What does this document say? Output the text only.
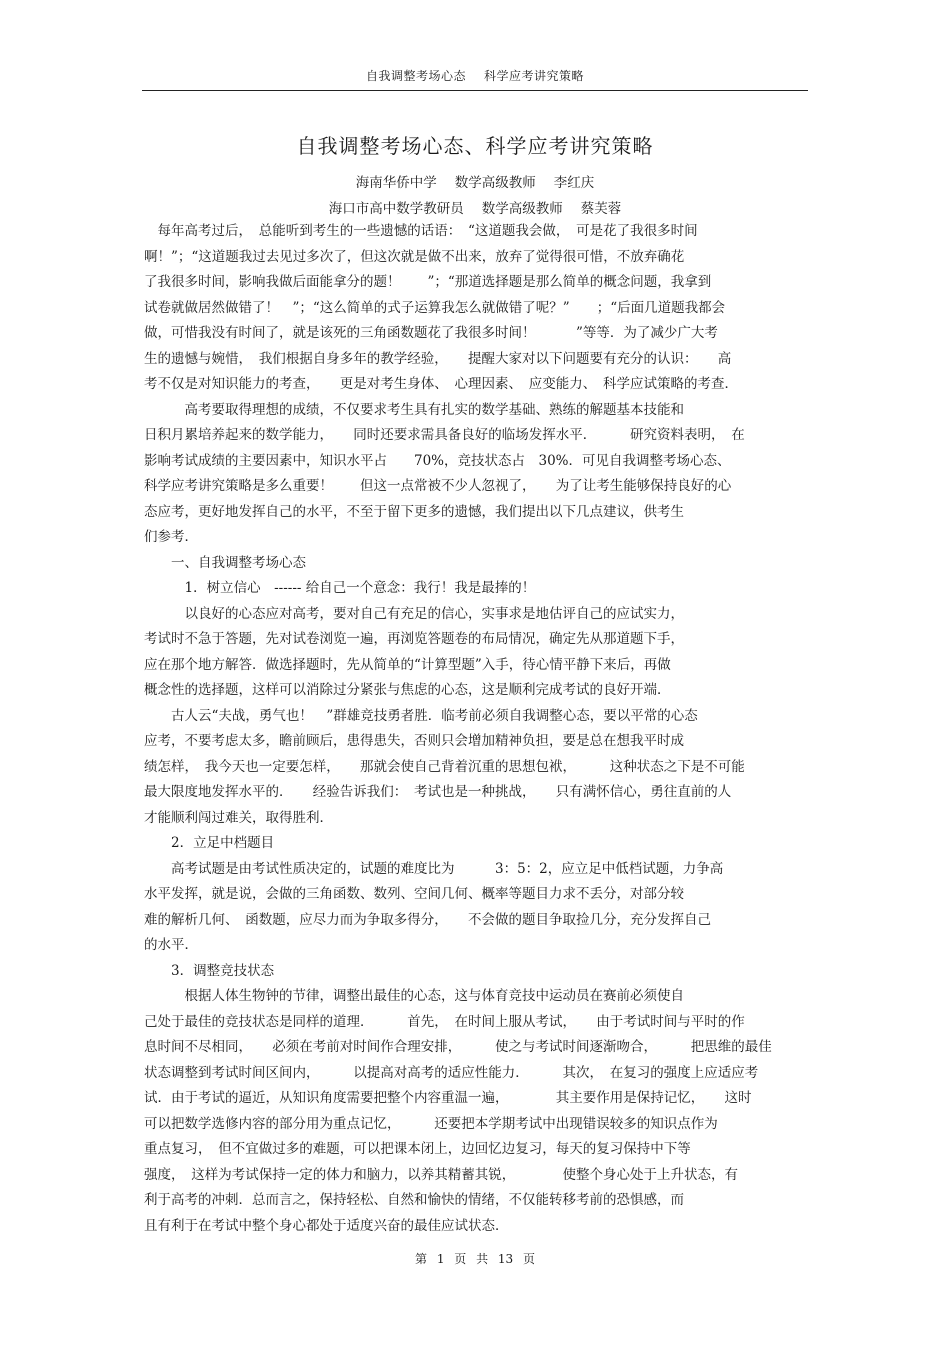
自我调整考场心态 科学应考讲究策略
自我调整考场心态、科学应考讲究策略
海南华侨中学 数学高级教师 李红庆
海口市高中数学教研员 数学高级教师 蔡芙蓉

　每年高考过后，　总能听到考生的一些遗憾的话语：　“这道题我会做，　可是花了我很多时间

啊！”；“这道题我过去见过多次了，但这次就是做不出来，放弃了觉得很可惜，不放弃确花

了我很多时间，影响我做后面能拿分的题！　　”；“那道选择题是那么简单的概念问题，我拿到

试卷就做居然做错了！　”；“这么简单的式子运算我怎么就做错了呢？”　　；“后面几道题我都会

做，可惜我没有时间了，就是该死的三角函数题花了我很多时间！　　　”等等．为了减少广大考

生的遗憾与婉惜，　我们根据自身多年的教学经验，　　提醒大家对以下问题要有充分的认识：　　高

考不仅是对知识能力的考查，　　更是对考生身体、　心理因素、　应变能力、　科学应试策略的考查．

　　　高考要取得理想的成绩，不仅要求考生具有扎实的数学基础、熟练的解题基本技能和

日积月累培养起来的数学能力，　　同时还要求需具备良好的临场发挥水平．　　　研究资料表明，　在

影响考试成绩的主要因素中，知识水平占　　70%，竞技状态占　30%．可见自我调整考场心态、

科学应考讲究策略是多么重要！　　但这一点常被不少人忽视了，　　为了让考生能够保持良好的心

态应考，更好地发挥自己的水平，不至于留下更多的遗憾，我们提出以下几点建议，供考生

们参考．

　　一、自我调整考场心态

　　　1．树立信心　------ 给自己一个意念：我行！我是最捧的！

　　　以良好的心态应对高考，要对自己有充足的信心，实事求是地估评自己的应试实力，

考试时不急于答题，先对试卷浏览一遍，再浏览答题卷的布局情况，确定先从那道题下手，

应在那个地方解答．做选择题时，先从简单的“计算型题”入手，待心情平静下来后，再做

概念性的选择题，这样可以消除过分紧张与焦虑的心态，这是顺利完成考试的良好开端．

　　古人云“夫战，勇气也！　”群雄竞技勇者胜．临考前必须自我调整心态，要以平常的心态

应考，不要考虑太多，瞻前顾后，患得患失，否则只会增加精神负担，要是总在想我平时成

绩怎样，　我今天也一定要怎样，　　那就会使自己背着沉重的思想包袱，　　　这种状态之下是不可能

最大限度地发挥水平的．　　经验告诉我们：　考试也是一种挑战，　　只有满怀信心，勇往直前的人

才能顺利闯过难关，取得胜利．

　　2．立足中档题目

　　高考试题是由考试性质决定的，试题的难度比为　　　3：5：2，应立足中低档试题，力争高

水平发挥，就是说，会做的三角函数、数列、空间几何、概率等题目力求不丢分，对部分较

难的解析几何、　函数题，应尽力而为争取多得分，　　不会做的题目争取捡几分，充分发挥自己

的水平．

　　3．调整竞技状态

　　　根据人体生物钟的节律，调整出最佳的心态，这与体育竞技中运动员在赛前必须使自

己处于最佳的竞技状态是同样的道理．　　　首先，　在时间上服从考试，　　由于考试时间与平时的作

息时间不尽相同，　　必须在考前对时间作合理安排，　　　使之与考试时间逐渐吻合，　　　把思维的最佳

状态调整到考试时间区间内，　　　以提高对高考的适应性能力．　　　其次，　在复习的强度上应适应考

试．由于考试的逼近，从知识角度需要把整个内容重温一遍，　　　　其主要作用是保持记忆，　　这时

可以把数学选修内容的部分用为重点记忆，　　　还要把本学期考试中出现错误较多的知识点作为

重点复习，　但不宜做过多的难题，可以把课本闭上，边回忆边复习，每天的复习保持中下等

强度，　这样为考试保持一定的体力和脑力，以养其精蓄其锐，　　　　使整个身心处于上升状态，有

利于高考的冲刺．总而言之，保持轻松、自然和愉快的情绪，不仅能转移考前的恐惧感，而

且有利于在考试中整个身心都处于适度兴奋的最佳应试状态．

第 1 页 共 13 页
